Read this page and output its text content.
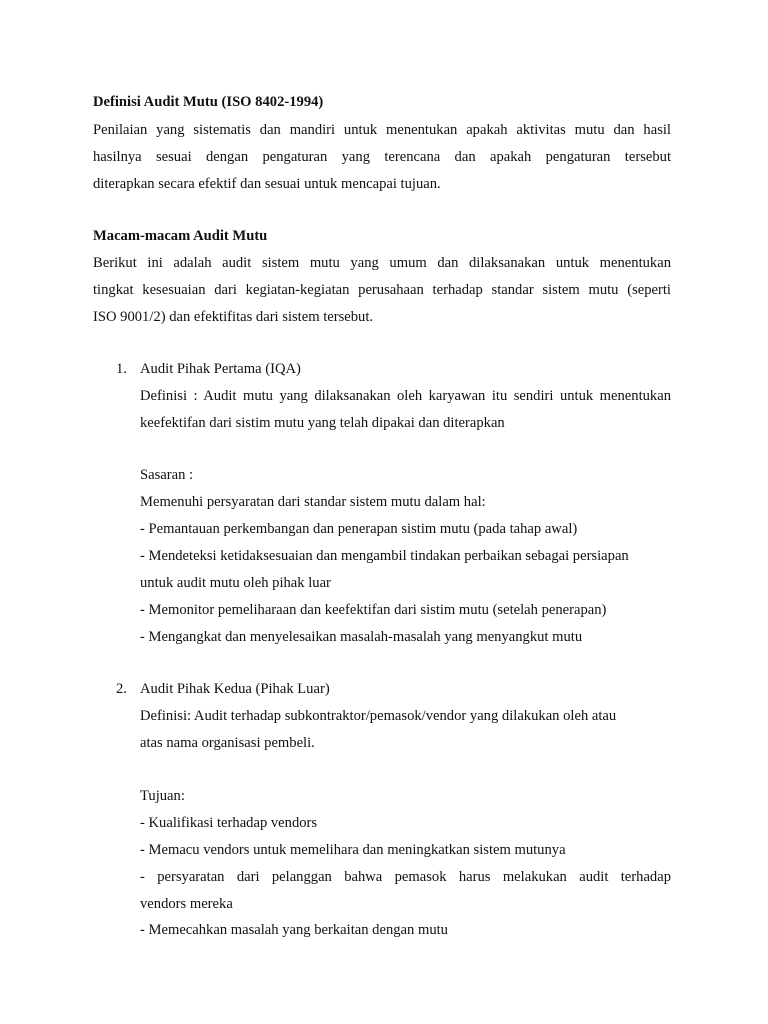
Definisi Audit Mutu (ISO 8402-1994)
Penilaian yang sistematis dan mandiri untuk menentukan apakah aktivitas mutu dan hasil
hasilnya sesuai dengan pengaturan yang terencana dan apakah pengaturan tersebut
diterapkan secara efektif dan sesuai untuk mencapai tujuan.
Macam-macam Audit Mutu
Berikut ini adalah audit sistem mutu yang umum dan dilaksanakan untuk menentukan
tingkat kesesuaian dari kegiatan-kegiatan perusahaan terhadap standar sistem mutu (seperti
ISO 9001/2) dan efektifitas dari sistem tersebut.
1. Audit Pihak Pertama (IQA)
Definisi : Audit mutu yang dilaksanakan oleh karyawan itu sendiri untuk menentukan
keefektifan dari sistim mutu yang telah dipakai dan diterapkan
Sasaran :
Memenuhi persyaratan dari standar sistem mutu dalam hal:
- Pemantauan perkembangan dan penerapan sistim mutu (pada tahap awal)
- Mendeteksi ketidaksesuaian dan mengambil tindakan perbaikan sebagai persiapan
untuk audit mutu oleh pihak luar
- Memonitor pemeliharaan dan keefektifan dari sistim mutu (setelah penerapan)
- Mengangkat dan menyelesaikan masalah-masalah yang menyangkut mutu
2. Audit Pihak Kedua (Pihak Luar)
Definisi: Audit terhadap subkontraktor/pemasok/vendor yang dilakukan oleh atau
atas nama organisasi pembeli.
Tujuan:
- Kualifikasi terhadap vendors
- Memacu vendors untuk memelihara dan meningkatkan sistem mutunya
- persyaratan dari pelanggan bahwa pemasok harus melakukan audit terhadap
vendors mereka
- Memecahkan masalah yang berkaitan dengan mutu
